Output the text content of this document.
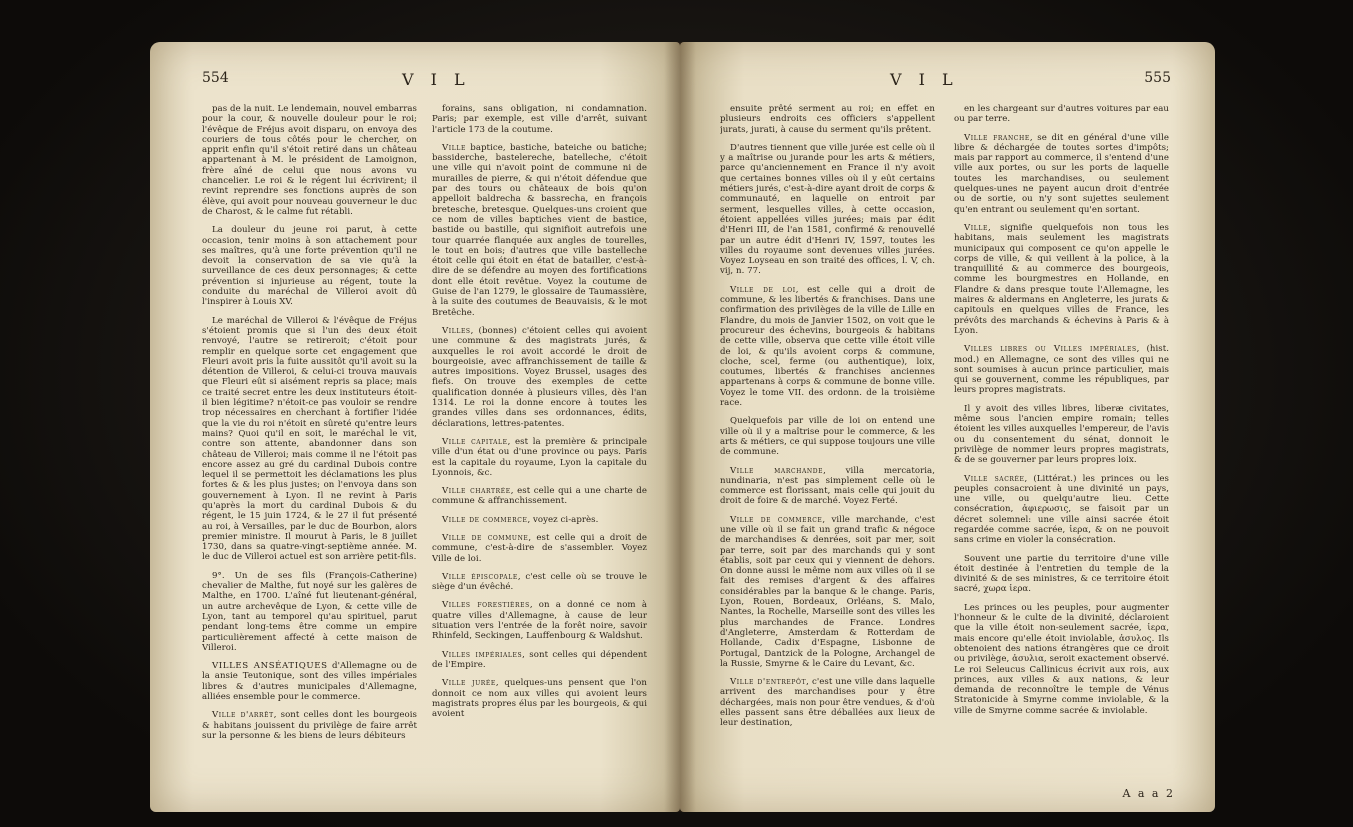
554	V I L

pas de la nuit. Le lendemain, nouvel embarras pour la cour, & nouvelle douleur pour le roi; l'évêque de Fréjus avoit disparu, on envoya des couriers de tous côtés pour le chercher, on apprit enfin qu'il s'étoit retiré dans un château appartenant à M. le président de Lamoignon, frère aîné de celui que nous avons vu chancelier. Le roi & le régent lui écrivirent; il revint reprendre ses fonctions auprès de son élève, qui avoit pour nouveau gouverneur le duc de Charost, & le calme fut rétabli.

La douleur du jeune roi parut, à cette occasion, tenir moins à son attachement pour ses maîtres, qu'à une forte prévention qu'il ne devoit la conservation de sa vie qu'à la surveillance de ces deux personnages; & cette prévention si injurieuse au régent, toute la conduite du maréchal de Villeroi avoit dû l'inspirer à Louis XV.

Le maréchal de Villeroi & l'évêque de Fréjus s'étoient promis que si l'un des deux étoit renvoyé, l'autre se retireroit; c'étoit pour remplir en quelque sorte cet engagement que Fleuri avoit pris la fuite aussitôt qu'il avoit su la détention de Villeroi, & celui-ci trouva mauvais que Fleuri eût si aisément repris sa place; mais ce traité secret entre les deux instituteurs étoit-il bien légitime? n'étoit-ce pas vouloir se rendre trop nécessaires en cherchant à fortifier l'idée que la vie du roi n'étoit en sûreté qu'entre leurs mains? Quoi qu'il en soit, le maréchal le vit, contre son attente, abandonner dans son château de Villeroi; mais comme il ne l'étoit pas encore assez au gré du cardinal Dubois contre lequel il se permettoit les déclamations les plus fortes & & les plus justes; on l'envoya dans son gouvernement à Lyon. Il ne revint à Paris qu'après la mort du cardinal Dubois & du régent, le 15 juin 1724, & le 27 il fut présenté au roi, à Versailles, par le duc de Bourbon, alors premier ministre. Il mourut à Paris, le 8 juillet 1730, dans sa quatre-vingt-septième année. M. le duc de Villeroi actuel est son arrière petit-fils.

9°. Un de ses fils (François-Catherine) chevalier de Malthe, fut noyé sur les galères de Malthe, en 1700. L'aîné fut lieutenant-général, un autre archevêque de Lyon, & cette ville de Lyon, tant au temporel qu'au spirituel, parut pendant long-tems être comme un empire particulièrement affecté à cette maison de Villeroi.

VILLES ANSÉATIQUES d'Allemagne ou de la ansie Teutonique, sont des villes impériales libres & d'autres municipales d'Allemagne, alliées ensemble pour le commerce.

Ville d'arrêt, sont celles dont les bourgeois & habitans jouissent du privilège de faire arrêt sur la personne & les biens de leurs débiteurs

forains, sans obligation, ni condamnation. Paris; par exemple, est ville d'arrêt, suivant l'article 173 de la coutume.

Ville baptice, bastiche, bateiche ou batiche; bassiderche, bastelereche, batelleche, c'étoit une ville qui n'avoit point de commune ni de murailles de pierre, & qui n'étoit défendue que par des tours ou châteaux de bois qu'on appelloit baldrecha & bassrecha, en françois bretesche, bretesque. Quelques-uns croient que ce nom de villes baptiches vient de bastice, bastide ou bastille, qui signifioit autrefois une tour quarrée flanquée aux angles de tourelles, le tout en bois; d'autres que ville bastelleche étoit celle qui étoit en état de batailler, c'est-à-dire de se défendre au moyen des fortifications dont elle étoit revêtue. Voyez la coutume de Guise de l'an 1279, le glossaire de Taumassière, à la suite des coutumes de Beauvaisis, & le mot Bretêche.

Villes, (bonnes) c'étoient celles qui avoient une commune & des magistrats jurés, & auxquelles le roi avoit accordé le droit de bourgeoisie, avec affranchissement de taille & autres impositions. Voyez Brussel, usages des fiefs. On trouve des exemples de cette qualification donnée à plusieurs villes, dès l'an 1314. Le roi la donne encore à toutes les grandes villes dans ses ordonnances, édits, déclarations, lettres-patentes.

Ville capitale, est la première & principale ville d'un état ou d'une province ou pays. Paris est la capitale du royaume, Lyon la capitale du Lyonnois, &c.

Ville chartrée, est celle qui a une charte de commune & affranchissement.

Ville de commerce, voyez ci-après.

Ville de commune, est celle qui a droit de commune, c'est-à-dire de s'assembler. Voyez Ville de loi.

Ville épiscopale, c'est celle où se trouve le siège d'un évêché.

Villes forestières, on a donné ce nom à quatre villes d'Allemagne, à cause de leur situation vers l'entrée de la forêt noire, savoir Rhinfeld, Seckingen, Lauffenbourg & Waldshut.

Villes impériales, sont celles qui dépendent de l'Empire.

Ville jurée, quelques-uns pensent que l'on donnoit ce nom aux villes qui avoient leurs magistrats propres élus par les bourgeois, & qui avoient

V I L	555

ensuite prêté serment au roi; en effet en plusieurs endroits ces officiers s'appellent jurats, jurati, à cause du serment qu'ils prêtent.

D'autres tiennent que ville jurée est celle où il y a maîtrise ou jurande pour les arts & métiers, parce qu'anciennement en France il n'y avoit que certaines bonnes villes où il y eût certains métiers jurés, c'est-à-dire ayant droit de corps & communauté, en laquelle on entroit par serment, lesquelles villes, à cette occasion, étoient appellées villes jurées; mais par édit d'Henri III, de l'an 1581, confirmé & renouvellé par un autre édit d'Henri IV, 1597, toutes les villes du royaume sont devenues villes jurées. Voyez Loyseau en son traité des offices, l. V, ch. vij, n. 77.

Ville de loi, est celle qui a droit de commune, & les libertés & franchises. Dans une confirmation des privilèges de la ville de Lille en Flandre, du mois de Janvier 1502, on voit que le procureur des échevins, bourgeois & habitans de cette ville, observa que cette ville étoit ville de loi, & qu'ils avoient corps & commune, cloche, scel, ferme (ou authentique), loix, coutumes, libertés & franchises anciennes appartenans à corps & commune de bonne ville. Voyez le tome VII. des ordonn. de la troisième race.

Quelquefois par ville de loi on entend une ville où il y a maîtrise pour le commerce, & les arts & métiers, ce qui suppose toujours une ville de commune.

Ville marchande, villa mercatoria, nundinaria, n'est pas simplement celle où le commerce est florissant, mais celle qui jouit du droit de foire & de marché. Voyez Ferté.

Ville de commerce, ville marchande, c'est une ville où il se fait un grand trafic & négoce de marchandises & denrées, soit par mer, soit par terre, soit par des marchands qui y sont établis, soit par ceux qui y viennent de dehors. On donne aussi le même nom aux villes où il se fait des remises d'argent & des affaires considérables par la banque & le change. Paris, Lyon, Rouen, Bordeaux, Orléans, S. Malo, Nantes, la Rochelle, Marseille sont des villes les plus marchandes de France. Londres d'Angleterre, Amsterdam & Rotterdam de Hollande, Cadix d'Espagne, Lisbonne de Portugal, Dantzick de la Pologne, Archangel de la Russie, Smyrne & le Caire du Levant, &c.

Ville d'entrepôt, c'est une ville dans laquelle arrivent des marchandises pour y être déchargées, mais non pour être vendues, & d'où elles passent sans être déballées aux lieux de leur destination,

en les chargeant sur d'autres voitures par eau ou par terre.

Ville franche, se dit en général d'une ville libre & déchargée de toutes sortes d'impôts; mais par rapport au commerce, il s'entend d'une ville aux portes, ou sur les ports de laquelle toutes les marchandises, ou seulement quelques-unes ne payent aucun droit d'entrée ou de sortie, ou n'y sont sujettes seulement qu'en entrant ou seulement qu'en sortant.

Ville, signifie quelquefois non tous les habitans, mais seulement les magistrats municipaux qui composent ce qu'on appelle le corps de ville, & qui veillent à la police, à la tranquillité & au commerce des bourgeois, comme les bourgmestres en Hollande, en Flandre & dans presque toute l'Allemagne, les maires & aldermans en Angleterre, les jurats & capitouls en quelques villes de France, les prévôts des marchands & échevins à Paris & à Lyon.

Villes libres ou Villes impériales, (hist. mod.) en Allemagne, ce sont des villes qui ne sont soumises à aucun prince particulier, mais qui se gouvernent, comme les républiques, par leurs propres magistrats.

Il y avoit des villes libres, liberæ civitates, même sous l'ancien empire romain; telles étoient les villes auxquelles l'empereur, de l'avis ou du consentement du sénat, donnoit le privilège de nommer leurs propres magistrats, & de se gouverner par leurs propres loix.

Ville sacrée, (Littérat.) les princes ou les peuples consacroient à une divinité un pays, une ville, ou quelqu'autre lieu. Cette consécration, ἀφιερωσις, se faisoit par un décret solemnel: une ville ainsi sacrée étoit regardée comme sacrée, ἱερα, & on ne pouvoit sans crime en violer la consécration.

Souvent une partie du territoire d'une ville étoit destinée à l'entretien du temple de la divinité & de ses ministres, & ce territoire étoit sacré, χωρα ἱερα.

Les princes ou les peuples, pour augmenter l'honneur & le culte de la divinité, déclaroient que la ville étoit non-seulement sacrée, ἱερα, mais encore qu'elle étoit inviolable, ἀσυλος. Ils obtenoient des nations étrangères que ce droit ou privilège, ἀσυλια, seroit exactement observé. Le roi Seleucus Callinicus écrivit aux rois, aux princes, aux villes & aux nations, & leur demanda de reconnoître le temple de Vénus Stratonicide à Smyrne comme inviolable, & la ville de Smyrne comme sacrée & inviolable.

A a a 2
